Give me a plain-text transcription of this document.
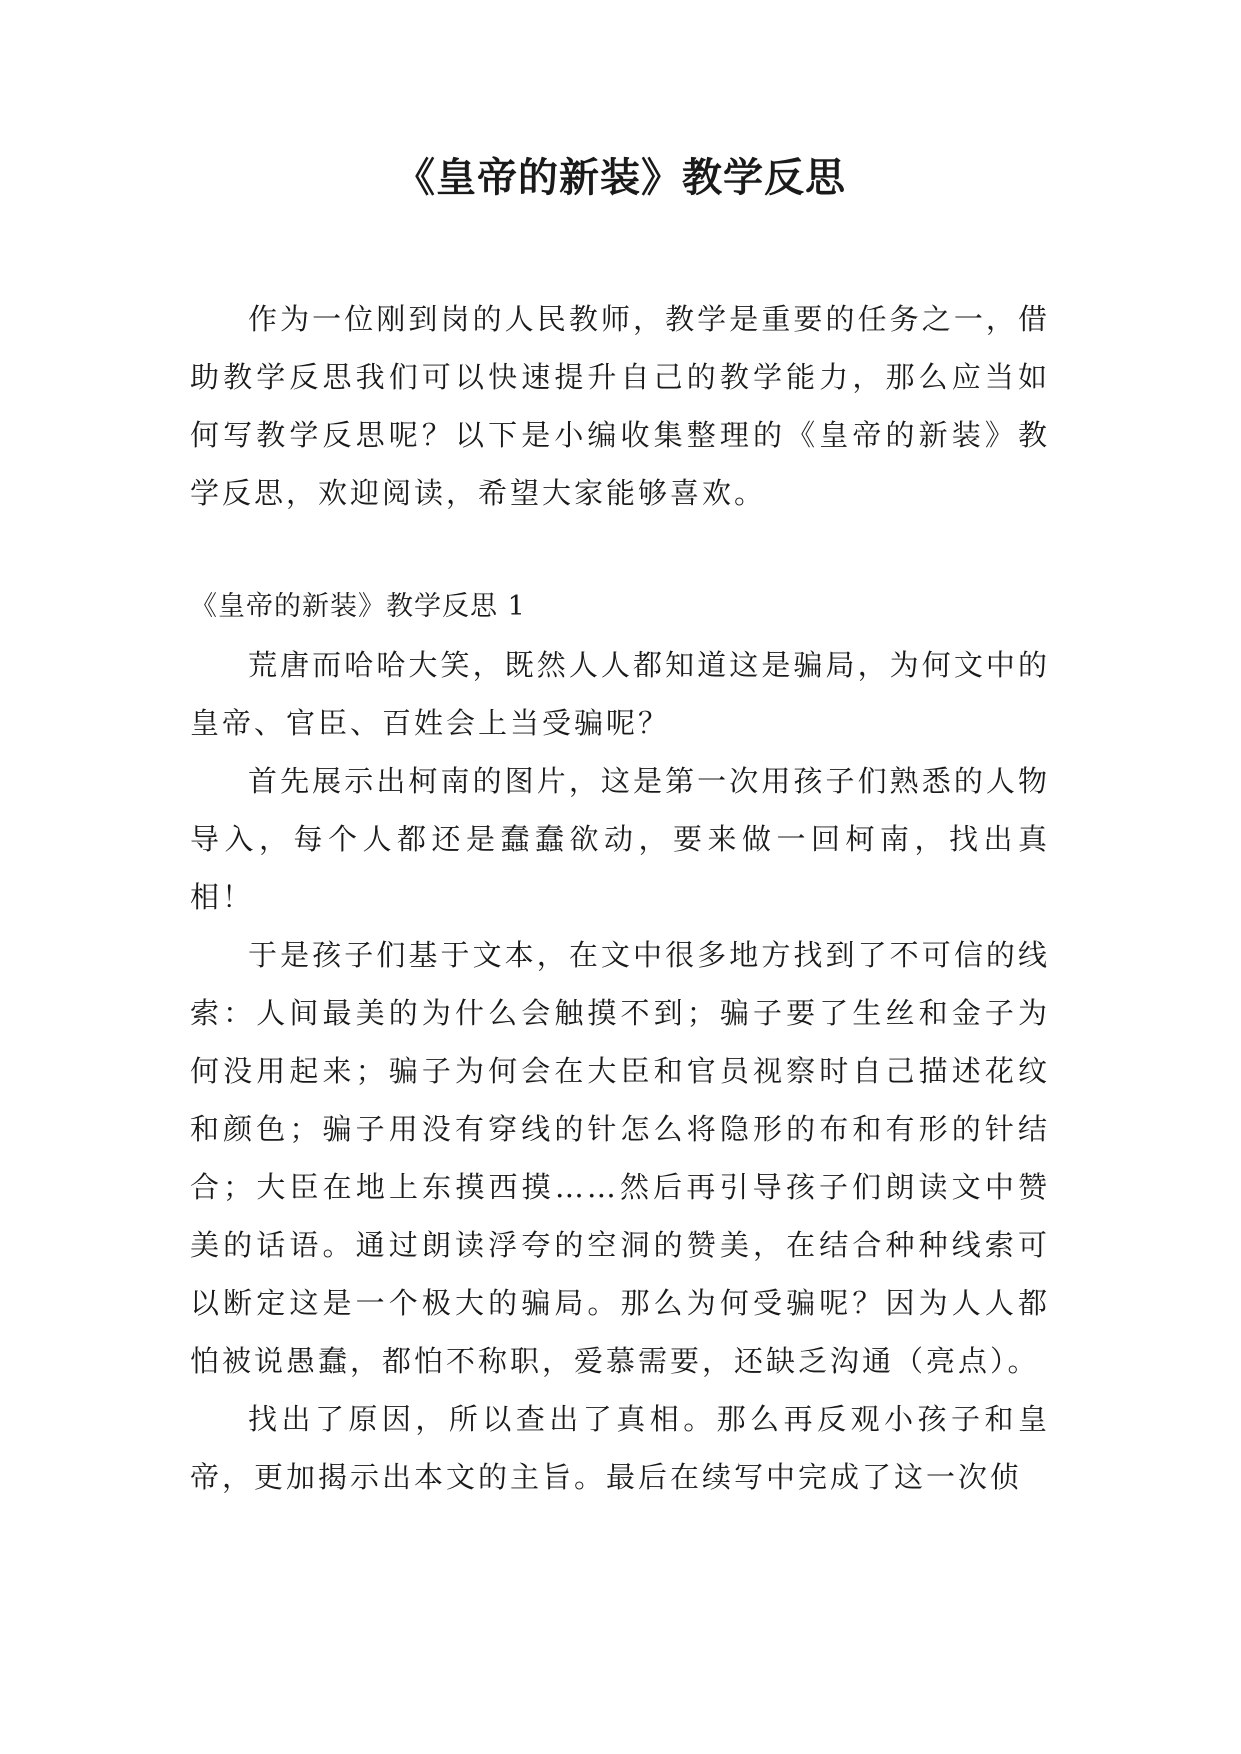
《皇帝的新装》教学反思

作为一位刚到岗的人民教师，教学是重要的任务之一，借助教学反思我们可以快速提升自己的教学能力，那么应当如何写教学反思呢？以下是小编收集整理的《皇帝的新装》教学反思，欢迎阅读，希望大家能够喜欢。

《皇帝的新装》教学反思 1

荒唐而哈哈大笑，既然人人都知道这是骗局，为何文中的皇帝、官臣、百姓会上当受骗呢？

首先展示出柯南的图片，这是第一次用孩子们熟悉的人物导入，每个人都还是蠢蠢欲动，要来做一回柯南，找出真相！

于是孩子们基于文本，在文中很多地方找到了不可信的线索：人间最美的为什么会触摸不到；骗子要了生丝和金子为何没用起来；骗子为何会在大臣和官员视察时自己描述花纹和颜色；骗子用没有穿线的针怎么将隐形的布和有形的针结合；大臣在地上东摸西摸……然后再引导孩子们朗读文中赞美的话语。通过朗读浮夸的空洞的赞美，在结合种种线索可以断定这是一个极大的骗局。那么为何受骗呢？因为人人都怕被说愚蠢，都怕不称职，爱慕需要，还缺乏沟通（亮点）。

找出了原因，所以查出了真相。那么再反观小孩子和皇帝，更加揭示出本文的主旨。最后在续写中完成了这一次侦
